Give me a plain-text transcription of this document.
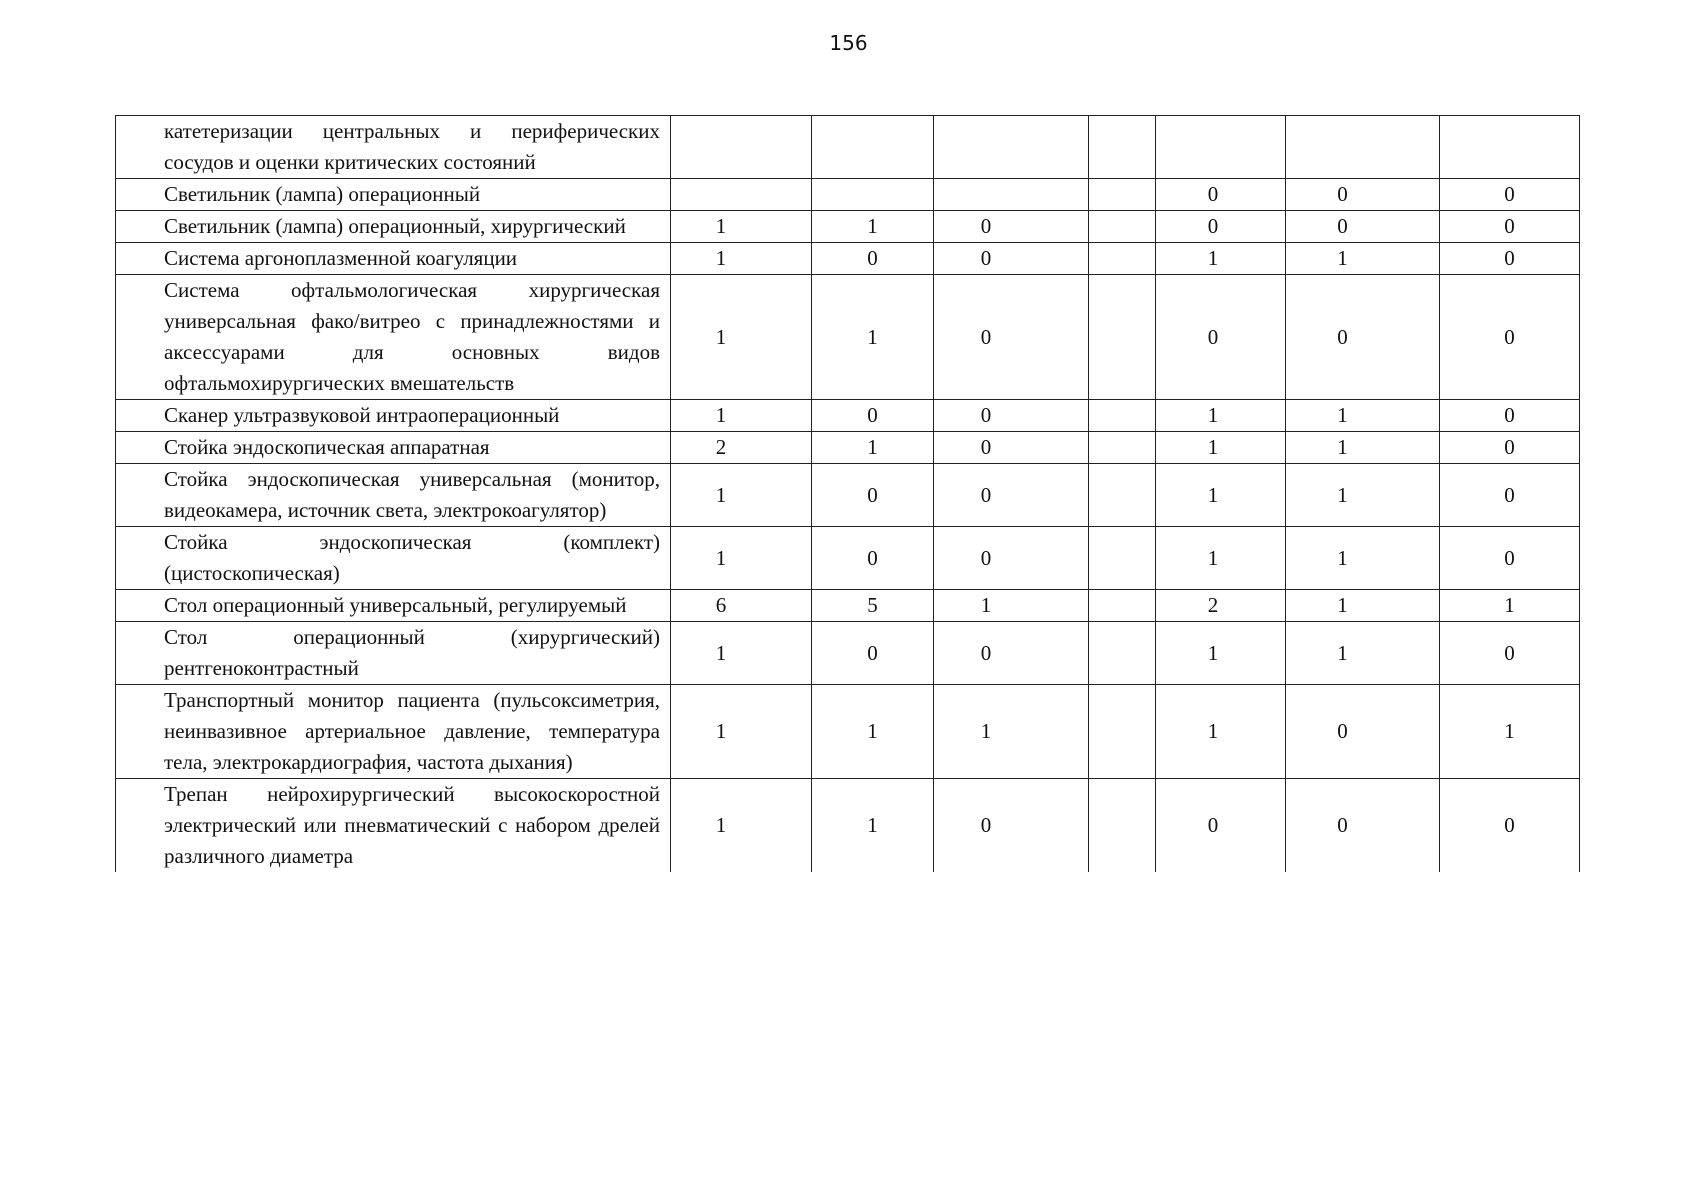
156
катетеризации центральных и периферических сосудов и оценки критических состояний							
Светильник (лампа) операционный					0	0	0
Светильник (лампа) операционный, хирургический	1	1	0		0	0	0
Система аргоноплазменной коагуляции	1	0	0		1	1	0
Система офтальмологическая хирургическая универсальная фако/витрео с принадлежностями и аксессуарами для основных видов офтальмохирургических вмешательств	1	1	0		0	0	0
Сканер ультразвуковой интраоперационный	1	0	0		1	1	0
Стойка эндоскопическая аппаратная	2	1	0		1	1	0
Стойка эндоскопическая универсальная (монитор, видеокамера, источник света, электрокоагулятор)	1	0	0		1	1	0
Стойка эндоскопическая (комплект)(цистоскопическая)	1	0	0		1	1	0
Стол операционный универсальный, регулируемый	6	5	1		2	1	1
Стол операционный (хирургический) рентгеноконтрастный	1	0	0		1	1	0
Транспортный монитор пациента (пульсоксиметрия, неинвазивное артериальное давление, температура тела, электрокардиография, частота дыхания)	1	1	1		1	0	1
Трепан нейрохирургический высокоскоростной электрический или пневматический с набором дрелей различного диаметра	1	1	0		0	0	0
